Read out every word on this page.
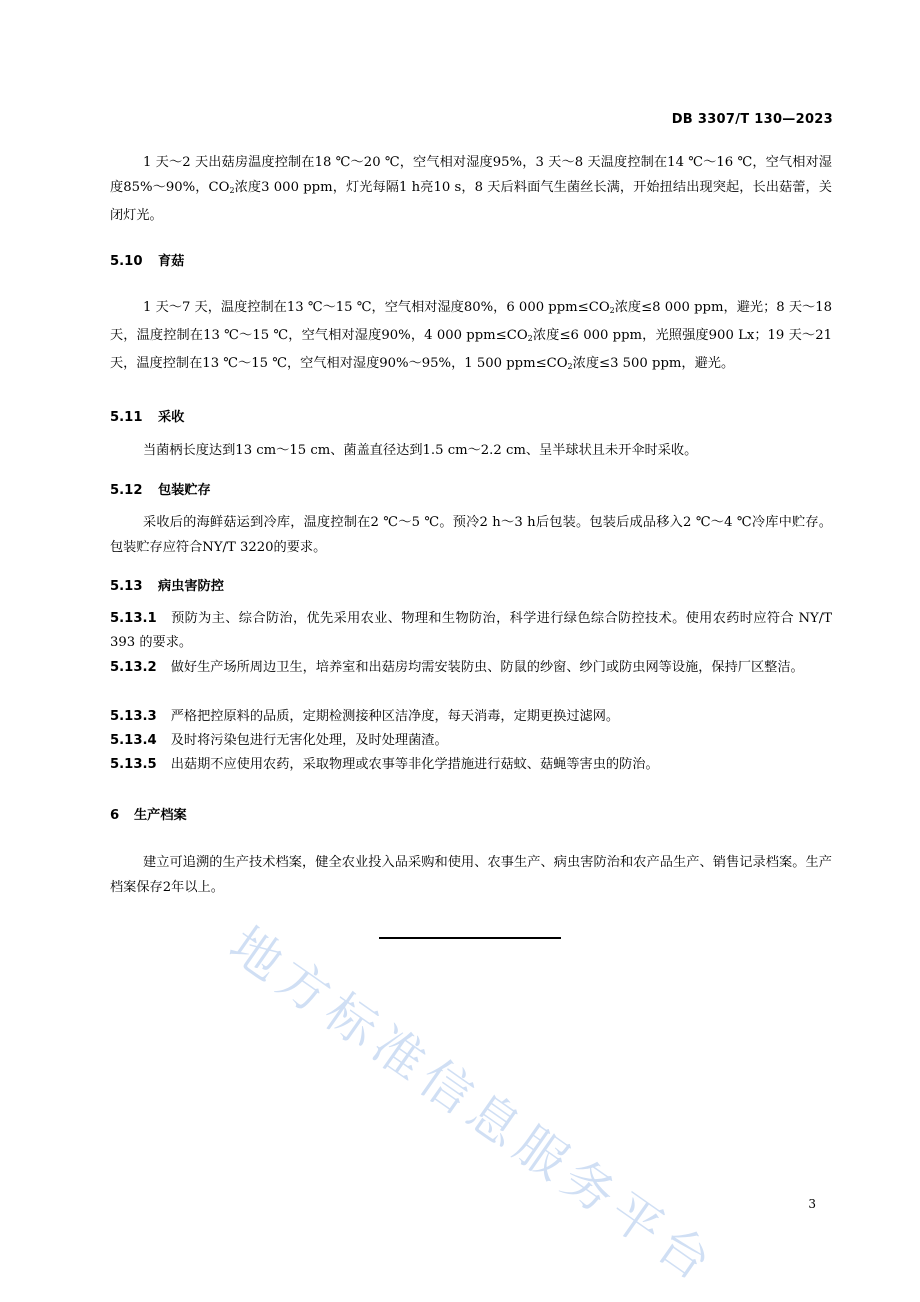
DB 3307/T 130—2023
1 天～2 天出菇房温度控制在18 ℃～20 ℃，空气相对湿度95%，3 天～8 天温度控制在14 ℃～16 ℃，空气相对湿度85%～90%，$CO_2$浓度3 000 ppm，灯光每隔1 h亮10 s，8 天后料面气生菌丝长满，开始扭结出现突起，长出菇蕾，关闭灯光。
5.10 育菇
1 天～7 天，温度控制在13 ℃～15 ℃，空气相对湿度80%，6 000 $ppm\le CO_2$浓度≤8 000 ppm，避光；8 天～18 天，温度控制在13 ℃～15 ℃，空气相对湿度90%，4 000 $ppm\le CO_2$浓度≤6 000 ppm，光照强度900 Lx；19 天～21 天，温度控制在13 ℃～15 ℃，空气相对湿度90%～95%，1 500 $ppm\le CO_2$浓度≤3 500 ppm，避光。
5.11 采收
当菌柄长度达到13 cm～15 cm、菌盖直径达到1.5 cm～2.2 cm、呈半球状且未开伞时采收。
5.12 包装贮存
采收后的海鲜菇运到冷库，温度控制在2 ℃～5 ℃。预冷2 h～3 h后包装。包装后成品移入2 ℃～4 ℃冷库中贮存。包装贮存应符合NY/T 3220的要求。
5.13 病虫害防控
5.13.1 预防为主、综合防治，优先采用农业、物理和生物防治，科学进行绿色综合防控技术。使用农药时应符合 NY/T 393 的要求。
5.13.2 做好生产场所周边卫生，培养室和出菇房均需安装防虫、防鼠的纱窗、纱门或防虫网等设施，保持厂区整洁。
5.13.3 严格把控原料的品质，定期检测接种区洁净度，每天消毒，定期更换过滤网。
5.13.4 及时将污染包进行无害化处理，及时处理菌渣。
5.13.5 出菇期不应使用农药，采取物理或农事等非化学措施进行菇蚊、菇蝇等害虫的防治。
6 生产档案
建立可追溯的生产技术档案，健全农业投入品采购和使用、农事生产、病虫害防治和农产品生产、销售记录档案。生产档案保存2年以上。
地方标准信息服务平台	3
